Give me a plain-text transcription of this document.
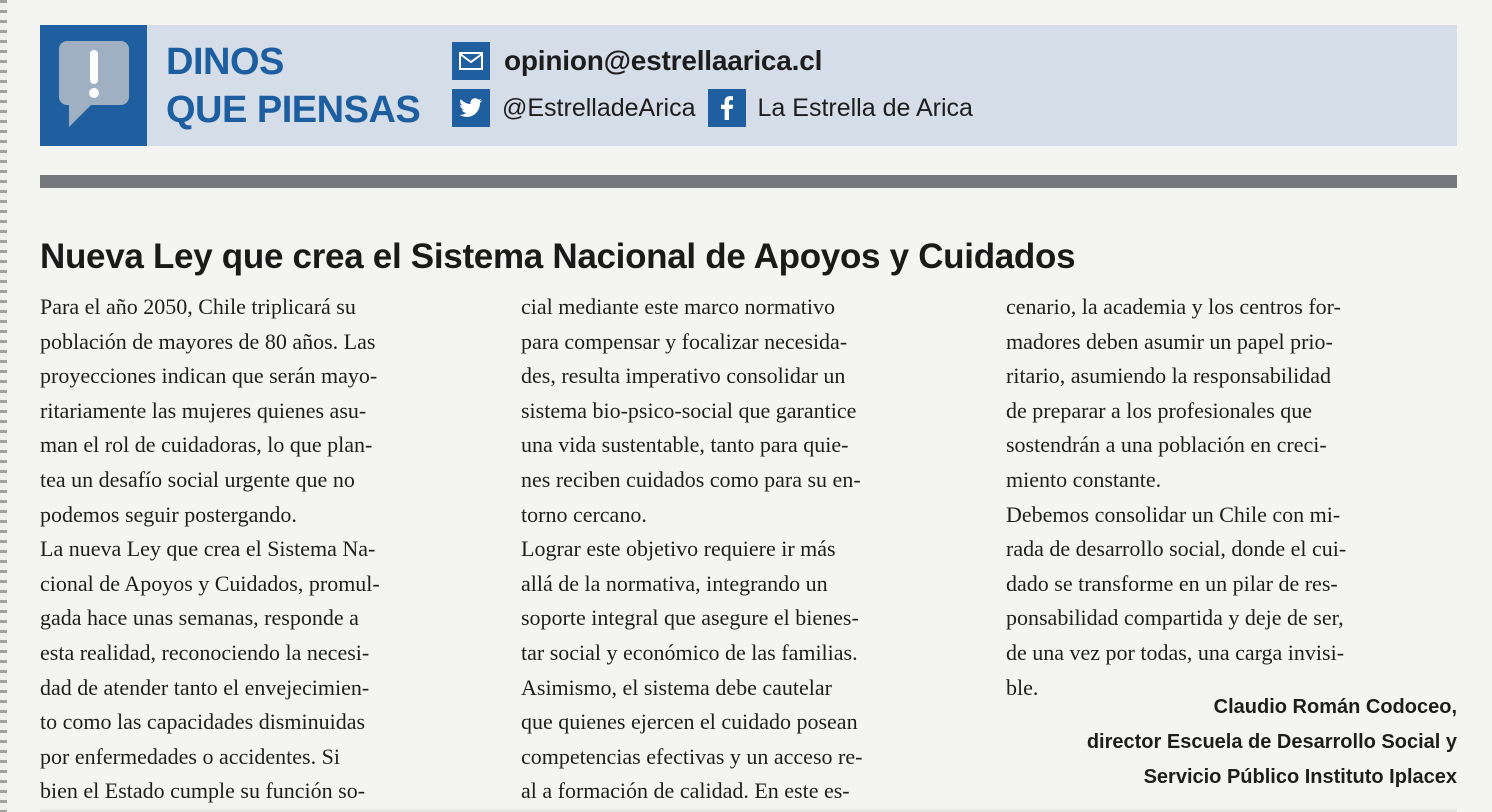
DINOS
QUE PIENSAS
opinion@estrellaarica.cl
@EstrelladeArica La Estrella de Arica
Nueva Ley que crea el Sistema Nacional de Apoyos y Cuidados
Para el año 2050, Chile triplicará su
población de mayores de 80 años. Las
proyecciones indican que serán mayo-
ritariamente las mujeres quienes asu-
man el rol de cuidadoras, lo que plan-
tea un desafío social urgente que no
podemos seguir postergando.
La nueva Ley que crea el Sistema Na-
cional de Apoyos y Cuidados, promul-
gada hace unas semanas, responde a
esta realidad, reconociendo la necesi-
dad de atender tanto el envejecimien-
to como las capacidades disminuidas
por enfermedades o accidentes. Si
bien el Estado cumple su función so-
cial mediante este marco normativo
para compensar y focalizar necesida-
des, resulta imperativo consolidar un
sistema bio-psico-social que garantice
una vida sustentable, tanto para quie-
nes reciben cuidados como para su en-
torno cercano.
Lograr este objetivo requiere ir más
allá de la normativa, integrando un
soporte integral que asegure el bienes-
tar social y económico de las familias.
Asimismo, el sistema debe cautelar
que quienes ejercen el cuidado posean
competencias efectivas y un acceso re-
al a formación de calidad. En este es-
cenario, la academia y los centros for-
madores deben asumir un papel prio-
ritario, asumiendo la responsabilidad
de preparar a los profesionales que
sostendrán a una población en creci-
miento constante.
Debemos consolidar un Chile con mi-
rada de desarrollo social, donde el cui-
dado se transforme en un pilar de res-
ponsabilidad compartida y deje de ser,
de una vez por todas, una carga invisi-
ble.
Claudio Román Codoceo,
director Escuela de Desarrollo Social y
Servicio Público Instituto Iplacex
